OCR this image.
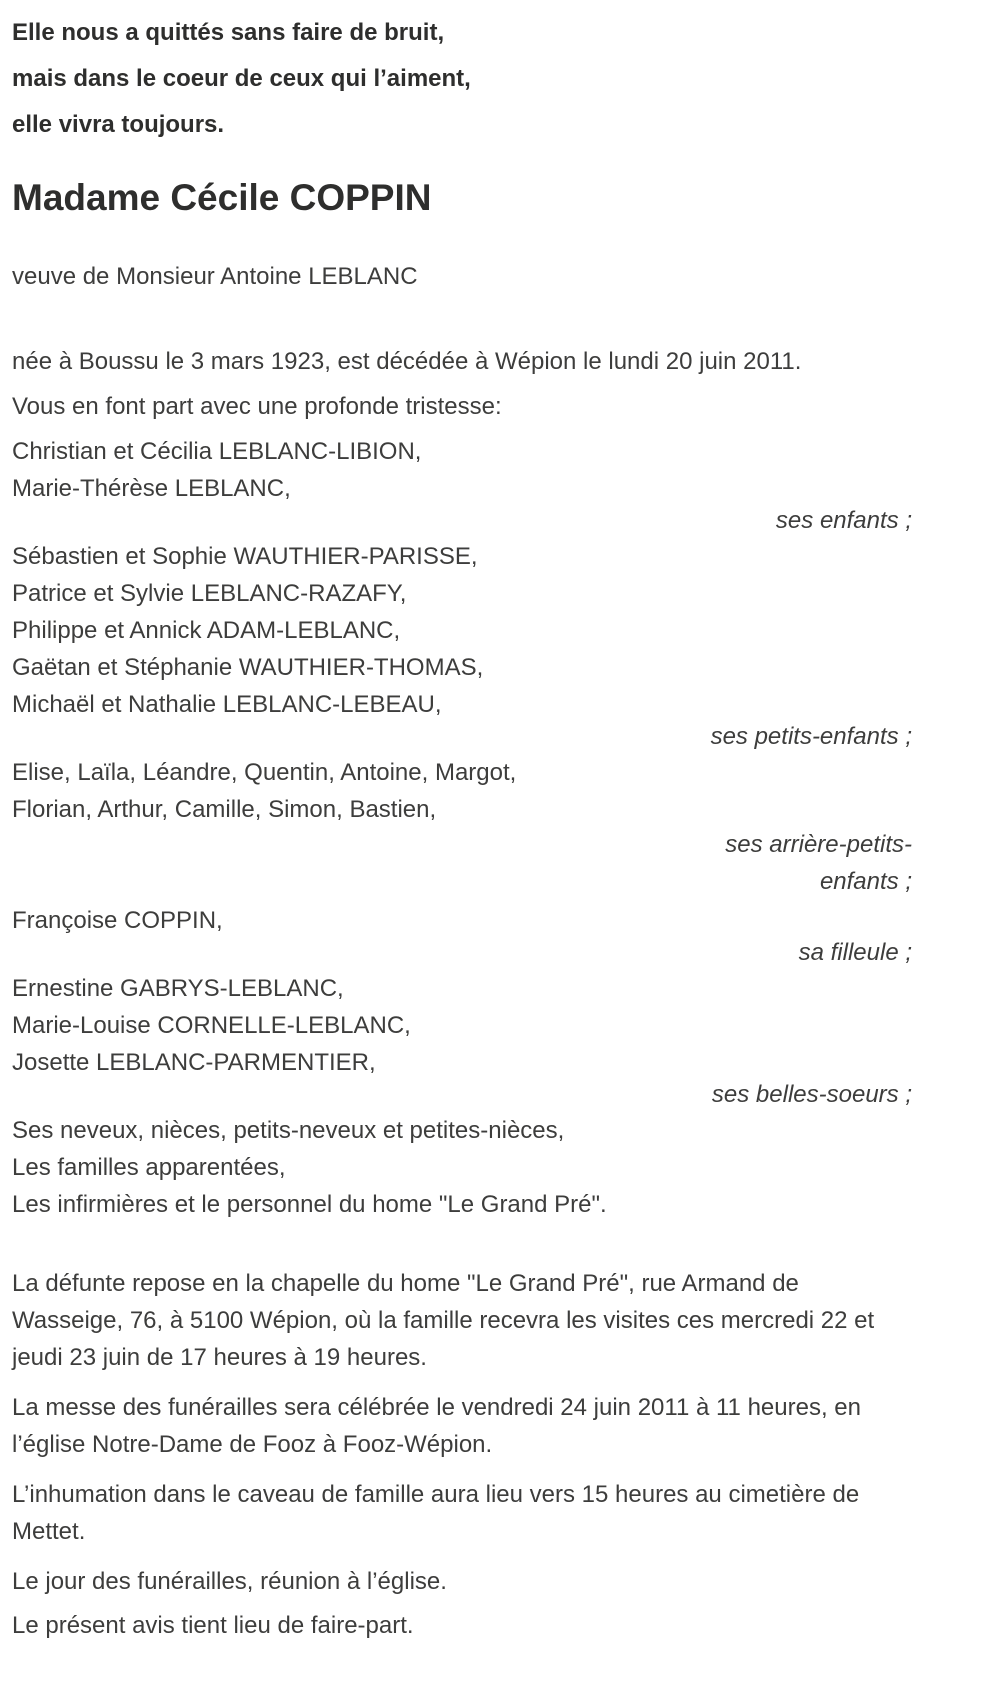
Elle nous a quittés sans faire de bruit,

mais dans le coeur de ceux qui l’aiment,

elle vivra toujours.

Madame Cécile COPPIN

veuve de Monsieur Antoine LEBLANC

née à Boussu le 3 mars 1923, est décédée à Wépion le lundi 20 juin 2011.

Vous en font part avec une profonde tristesse:

Christian et Cécilia LEBLANC-LIBION,

Marie-Thérèse LEBLANC,

ses enfants ;

Sébastien et Sophie WAUTHIER-PARISSE,

Patrice et Sylvie LEBLANC-RAZAFY,

Philippe et Annick ADAM-LEBLANC,

Gaëtan et Stéphanie WAUTHIER-THOMAS,

Michaël et Nathalie LEBLANC-LEBEAU,

ses petits-enfants ;

Elise, Laïla, Léandre, Quentin, Antoine, Margot,

Florian, Arthur, Camille, Simon, Bastien,

ses arrière-petits-

enfants ;

Françoise COPPIN,

sa filleule ;

Ernestine GABRYS-LEBLANC,

Marie-Louise CORNELLE-LEBLANC,

Josette LEBLANC-PARMENTIER,

ses belles-soeurs ;

Ses neveux, nièces, petits-neveux et petites-nièces,

Les familles apparentées,

Les infirmières et le personnel du home "Le Grand Pré".

La défunte repose en la chapelle du home "Le Grand Pré", rue Armand de Wasseige, 76, à 5100 Wépion, où la famille recevra les visites ces mercredi 22 et jeudi 23 juin de 17 heures à 19 heures.

La messe des funérailles sera célébrée le vendredi 24 juin 2011 à 11 heures, en l’église Notre-Dame de Fooz à Fooz-Wépion.

L’inhumation dans le caveau de famille aura lieu vers 15 heures au cimetière de Mettet.

Le jour des funérailles, réunion à l’église.

Le présent avis tient lieu de faire-part.
